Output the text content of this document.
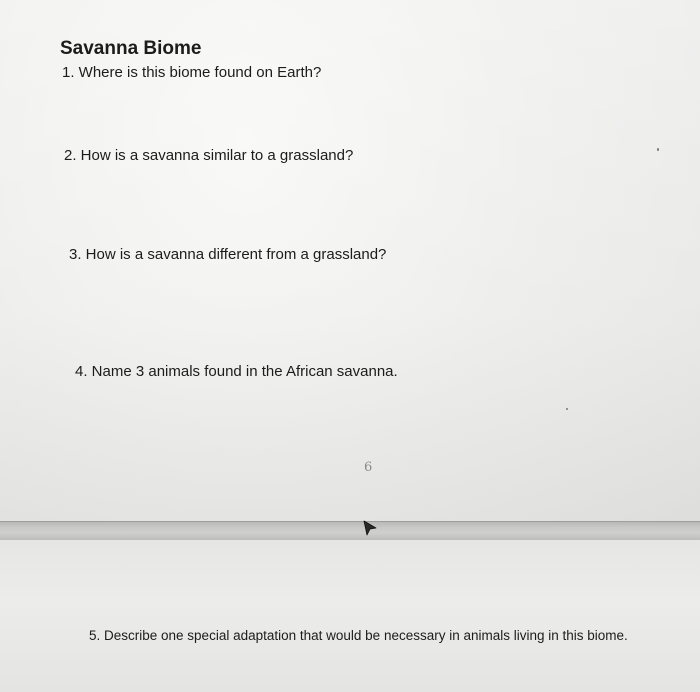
Savanna Biome

1. Where is this biome found on Earth?

2. How is a savanna similar to a grassland?

3. How is a savanna different from a grassland?

4. Name 3 animals found in the African savanna.

6

5. Describe one special adaptation that would be necessary in animals living in this biome.
